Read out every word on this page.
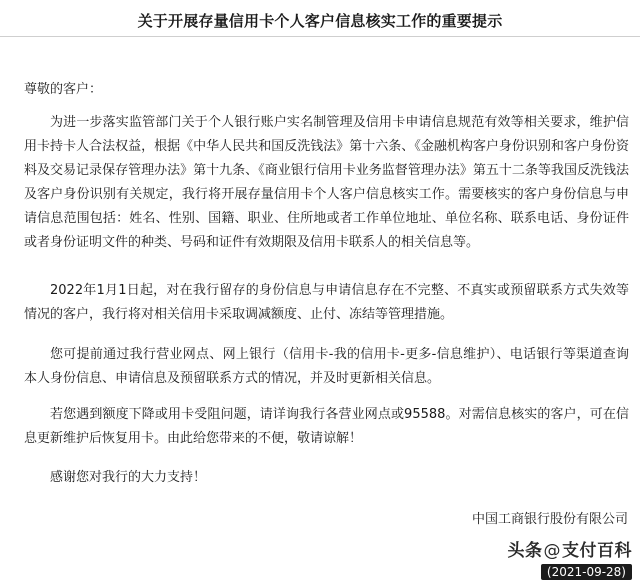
关于开展存量信用卡个人客户信息核实工作的重要提示
尊敬的客户：

为进一步落实监管部门关于个人银行账户实名制管理及信用卡申请信息规范有效等相关要求，维护信用卡持卡人合法权益，根据《中华人民共和国反洗钱法》第十六条、《金融机构客户身份识别和客户身份资料及交易记录保存管理办法》第十九条、《商业银行信用卡业务监督管理办法》第五十二条等我国反洗钱法及客户身份识别有关规定，我行将开展存量信用卡个人客户信息核实工作。需要核实的客户身份信息与申请信息范围包括：姓名、性别、国籍、职业、住所地或者工作单位地址、单位名称、联系电话、身份证件或者身份证明文件的种类、号码和证件有效期限及信用卡联系人的相关信息等。

2022年1月1日起，对在我行留存的身份信息与申请信息存在不完整、不真实或预留联系方式失效等情况的客户，我行将对相关信用卡采取调减额度、止付、冻结等管理措施。

您可提前通过我行营业网点、网上银行（信用卡-我的信用卡-更多-信息维护）、电话银行等渠道查询本人身份信息、申请信息及预留联系方式的情况，并及时更新相关信息。

若您遇到额度下降或用卡受阻问题，请详询我行各营业网点或95588。对需信息核实的客户，可在信息更新维护后恢复用卡。由此给您带来的不便，敬请谅解！

感谢您对我行的大力支持！

中国工商银行股份有限公司
头条@支付百科
(2021-09-28)
